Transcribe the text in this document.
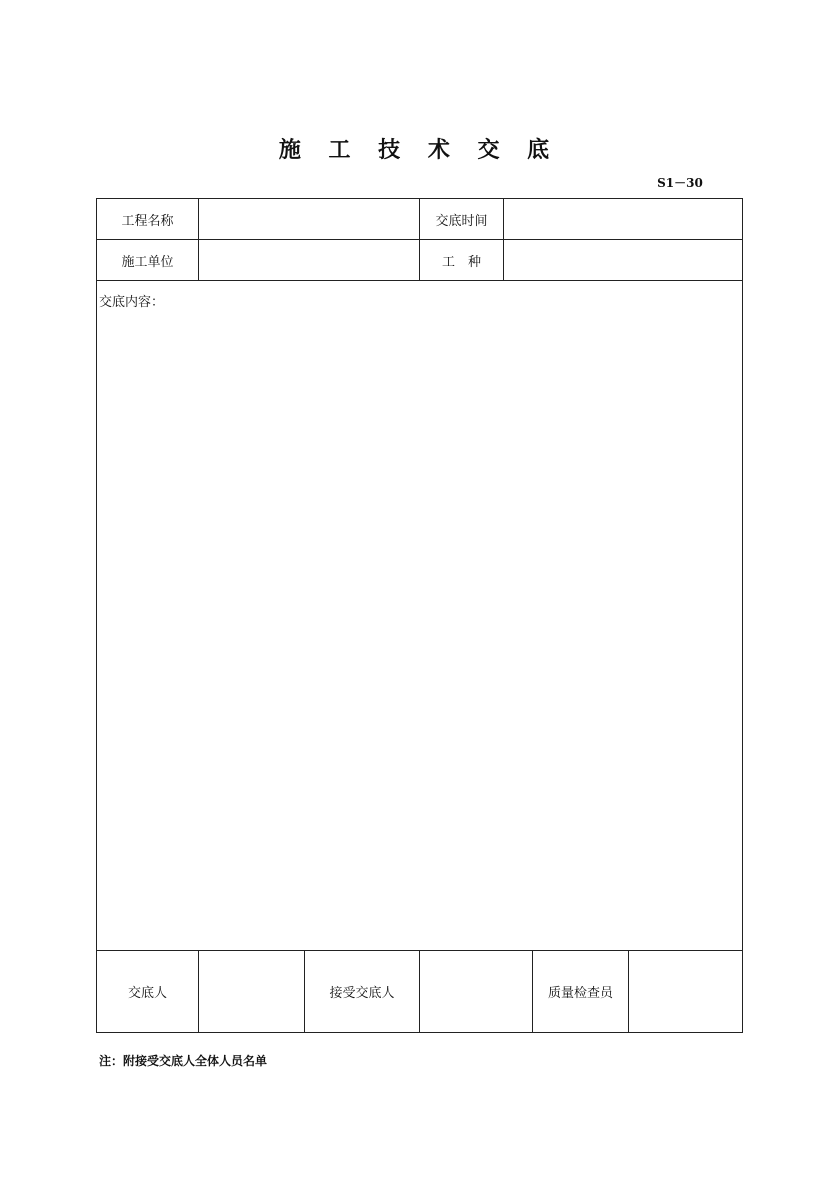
施 工 技 术 交 底
S1－30
工程名称	交底时间
施工单位	工　种
交底内容：
交底人	接受交底人	质量检查员
注：附接受交底人全体人员名单
